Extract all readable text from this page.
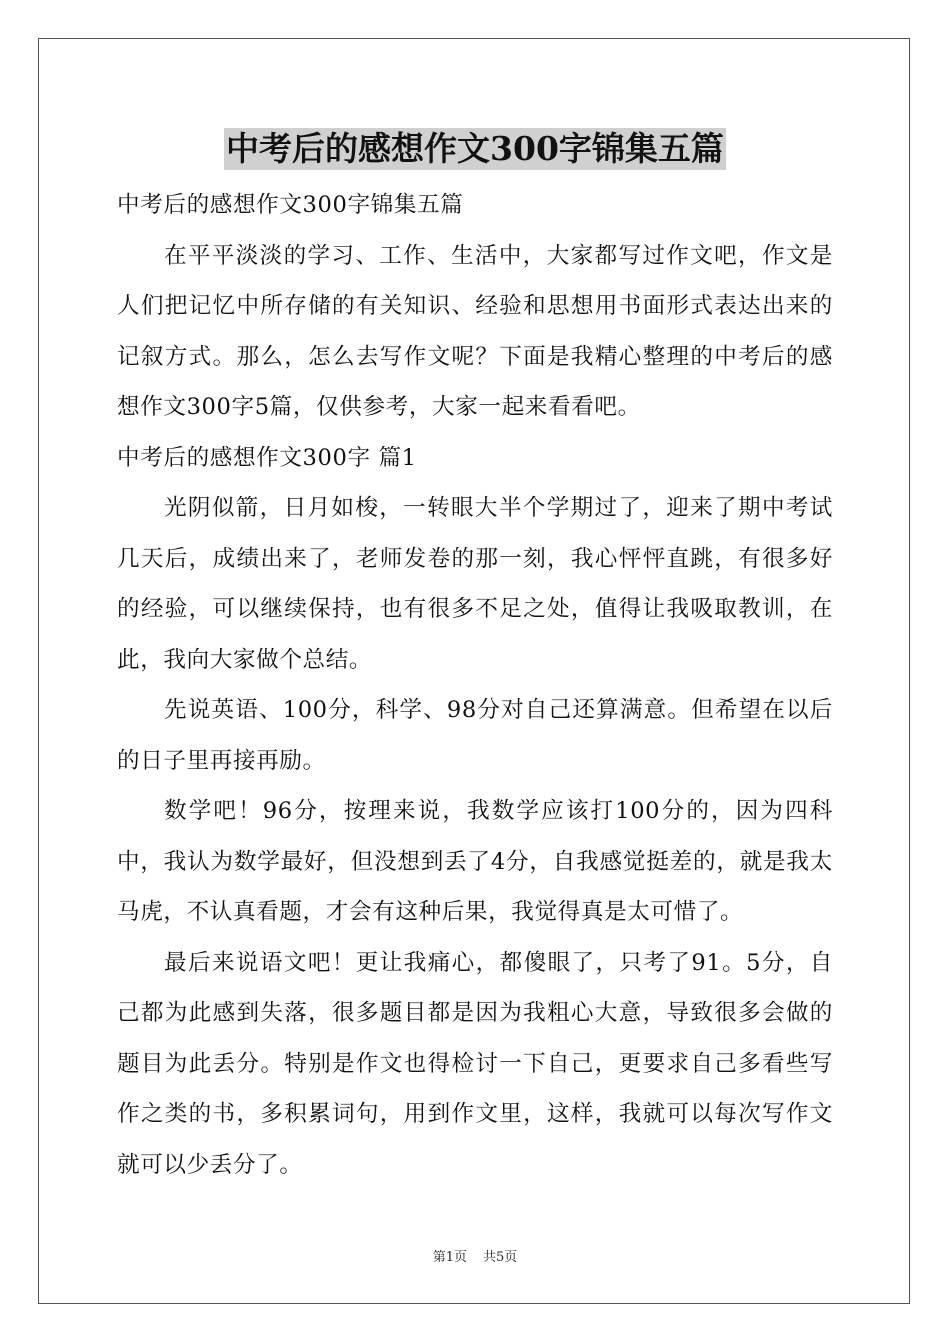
中考后的感想作文300字锦集五篇

中考后的感想作文300字锦集五篇

在平平淡淡的学习、工作、生活中，大家都写过作文吧，作文是人们把记忆中所存储的有关知识、经验和思想用书面形式表达出来的记叙方式。那么，怎么去写作文呢？下面是我精心整理的中考后的感想作文300字5篇，仅供参考，大家一起来看看吧。

中考后的感想作文300字 篇1

光阴似箭，日月如梭，一转眼大半个学期过了，迎来了期中考试几天后，成绩出来了，老师发卷的那一刻，我心怦怦直跳，有很多好的经验，可以继续保持，也有很多不足之处，值得让我吸取教训，在此，我向大家做个总结。

先说英语、100分，科学、98分对自己还算满意。但希望在以后的日子里再接再励。

数学吧！96分，按理来说，我数学应该打100分的，因为四科中，我认为数学最好，但没想到丢了4分，自我感觉挺差的，就是我太马虎，不认真看题，才会有这种后果，我觉得真是太可惜了。

最后来说语文吧！更让我痛心，都傻眼了，只考了91。5分，自己都为此感到失落，很多题目都是因为我粗心大意，导致很多会做的题目为此丢分。特别是作文也得检讨一下自己，更要求自己多看些写作之类的书，多积累词句，用到作文里，这样，我就可以每次写作文就可以少丢分了。

第1页 共5页
